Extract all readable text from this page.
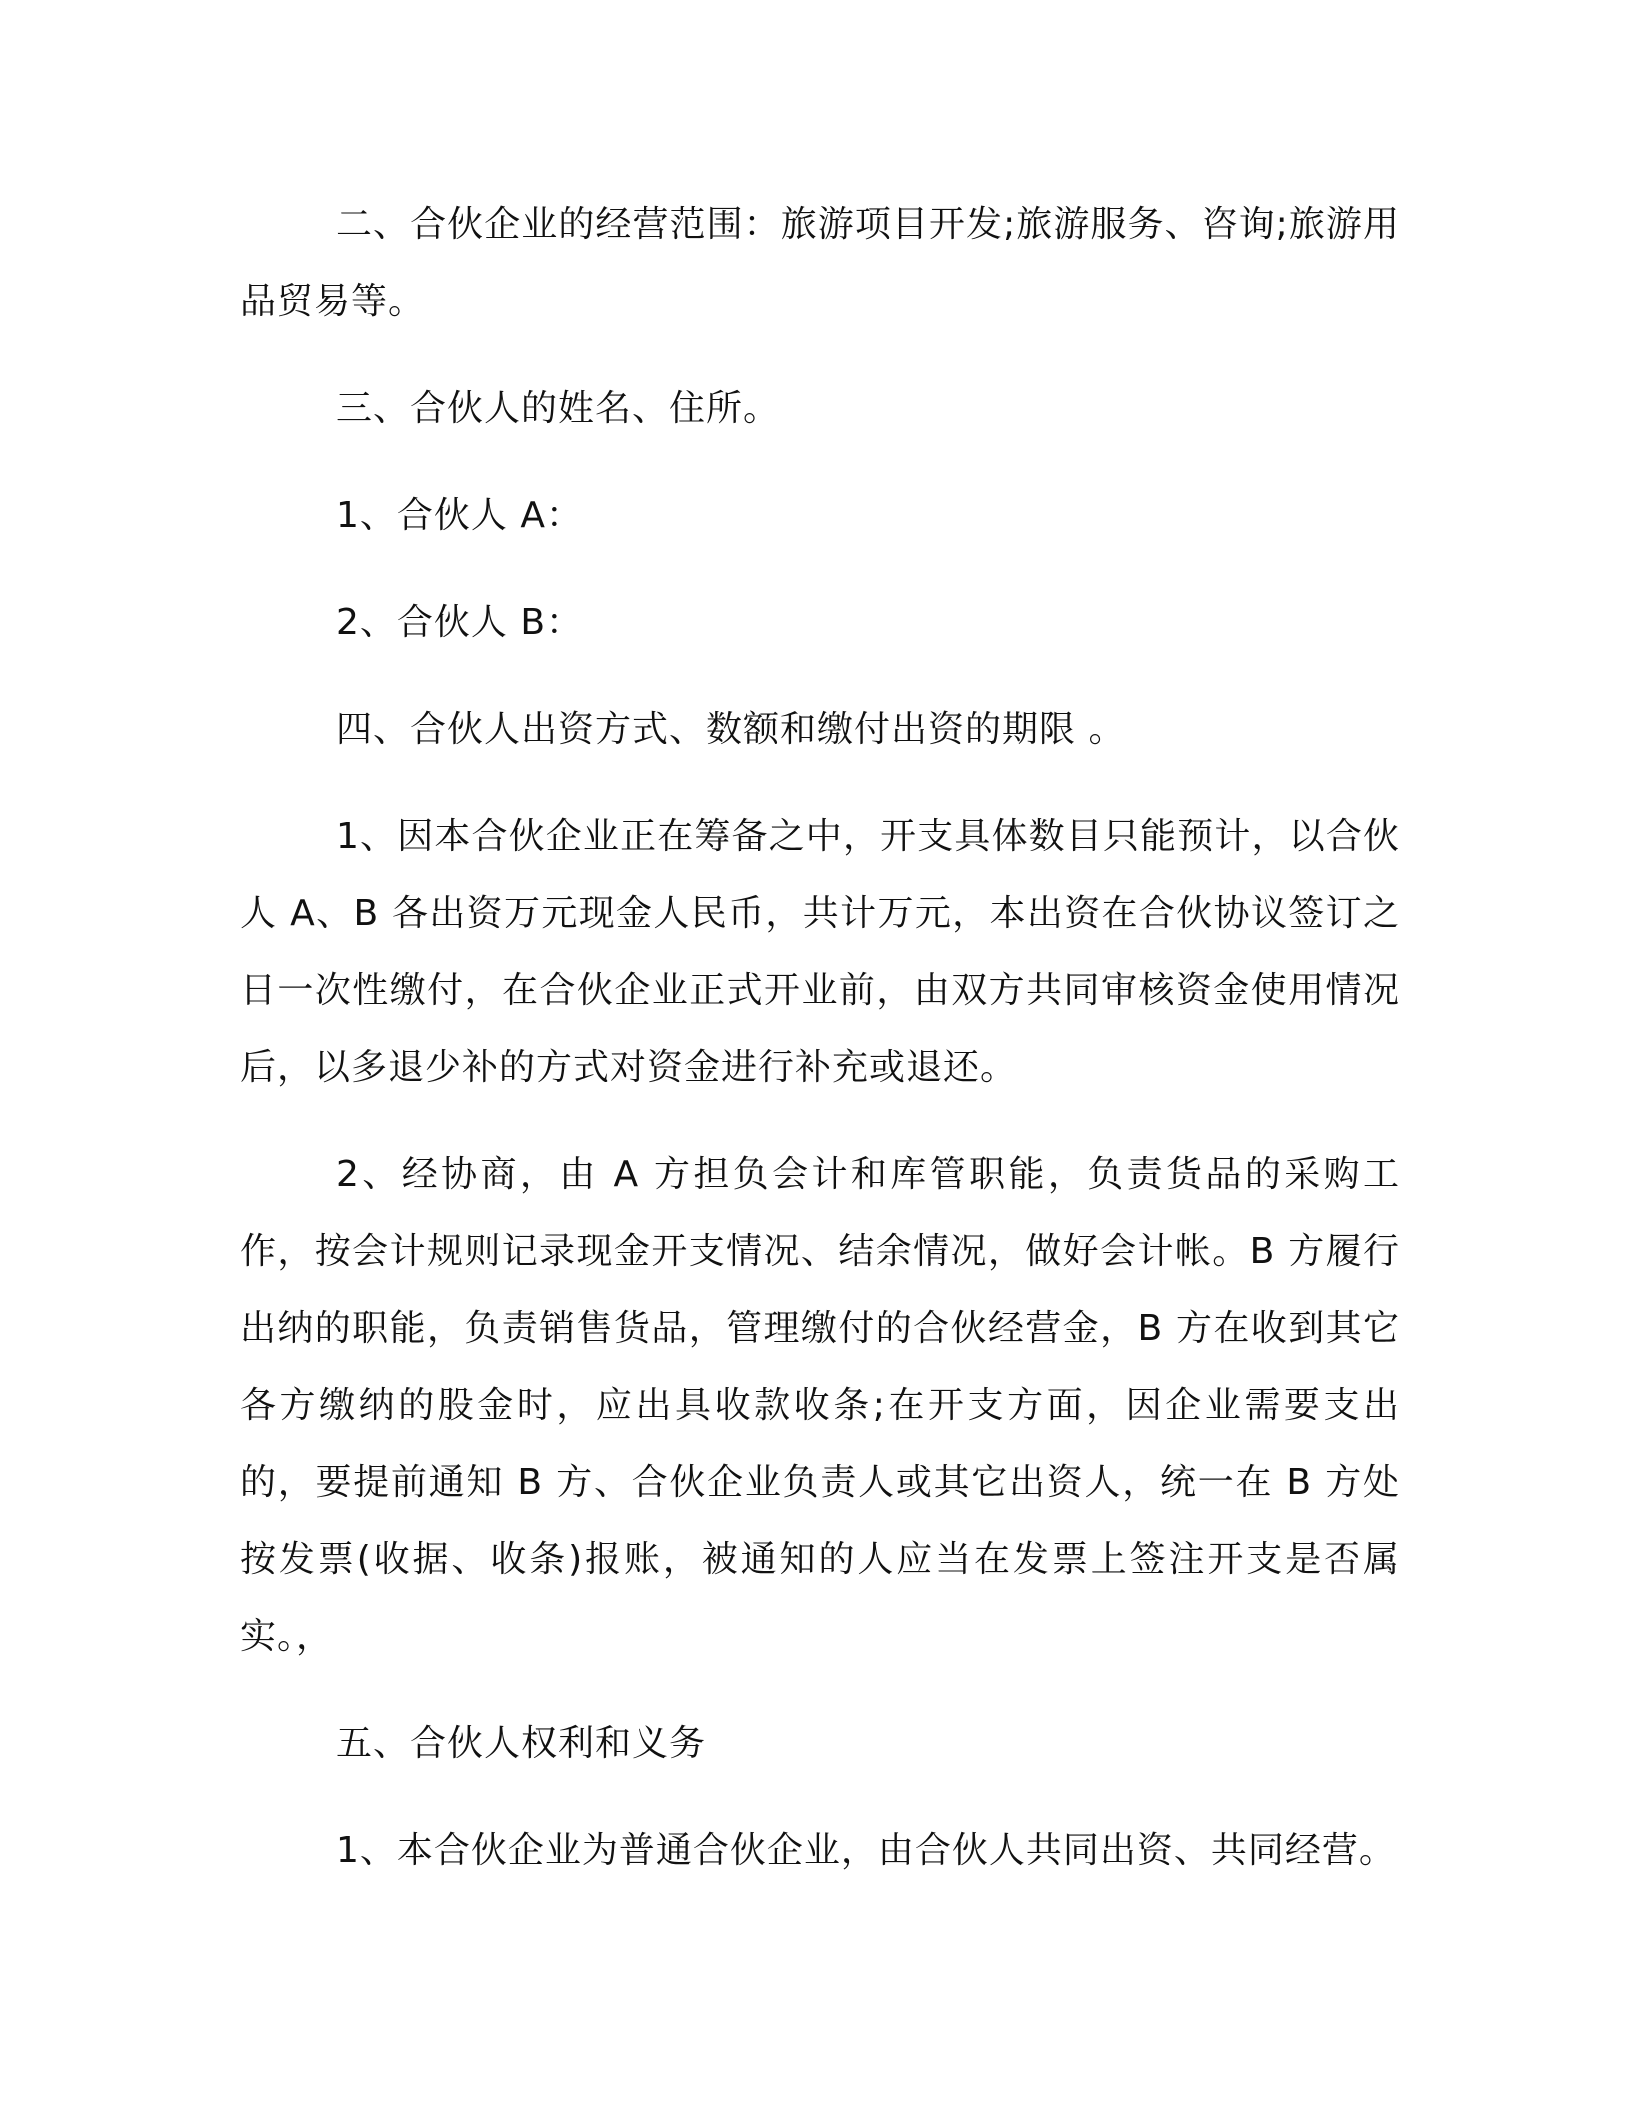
二、合伙企业的经营范围：旅游项目开发;旅游服务、咨询;旅游用品贸易等。

三、合伙人的姓名、住所。

1、合伙人 A：

2、合伙人 B：

四、合伙人出资方式、数额和缴付出资的期限 。

1、因本合伙企业正在筹备之中，开支具体数目只能预计，以合伙人 A、B 各出资万元现金人民币，共计万元，本出资在合伙协议签订之日一次性缴付，在合伙企业正式开业前，由双方共同审核资金使用情况后，以多退少补的方式对资金进行补充或退还。

2、经协商，由 A 方担负会计和库管职能，负责货品的采购工作，按会计规则记录现金开支情况、结余情况，做好会计帐。B 方履行出纳的职能，负责销售货品，管理缴付的合伙经营金，B 方在收到其它各方缴纳的股金时，应出具收款收条;在开支方面，因企业需要支出的，要提前通知 B 方、合伙企业负责人或其它出资人，统一在 B 方处按发票(收据、收条)报账，被通知的人应当在发票上签注开支是否属实。，

五、合伙人权利和义务

1、本合伙企业为普通合伙企业，由合伙人共同出资、共同经营。
